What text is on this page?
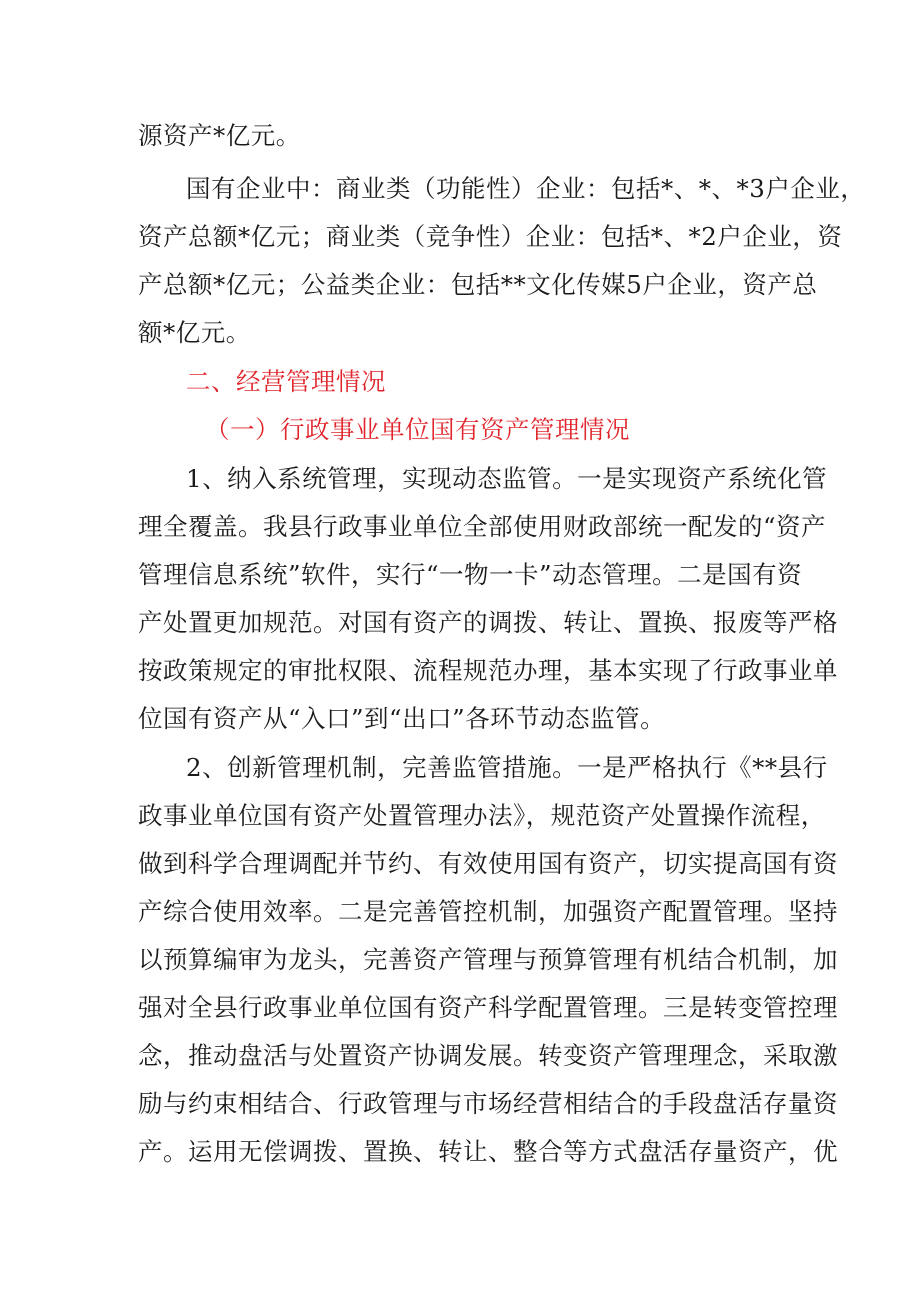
源资产*亿元。
国有企业中：商业类（功能性）企业：包括*、*、*3户企业，
资产总额*亿元；商业类（竞争性）企业：包括*、*2户企业，资
产总额*亿元；公益类企业：包括**文化传媒5户企业，资产总
额*亿元。
二、经营管理情况
（一）行政事业单位国有资产管理情况
1、纳入系统管理，实现动态监管。一是实现资产系统化管
理全覆盖。我县行政事业单位全部使用财政部统一配发的“资产
管理信息系统”软件，实行“一物一卡”动态管理。二是国有资
产处置更加规范。对国有资产的调拨、转让、置换、报废等严格
按政策规定的审批权限、流程规范办理，基本实现了行政事业单
位国有资产从“入口”到“出口”各环节动态监管。
2、创新管理机制，完善监管措施。一是严格执行《**县行
政事业单位国有资产处置管理办法》，规范资产处置操作流程，
做到科学合理调配并节约、有效使用国有资产，切实提高国有资
产综合使用效率。二是完善管控机制，加强资产配置管理。坚持
以预算编审为龙头，完善资产管理与预算管理有机结合机制，加
强对全县行政事业单位国有资产科学配置管理。三是转变管控理
念，推动盘活与处置资产协调发展。转变资产管理理念，采取激
励与约束相结合、行政管理与市场经营相结合的手段盘活存量资
产。运用无偿调拨、置换、转让、整合等方式盘活存量资产，优
